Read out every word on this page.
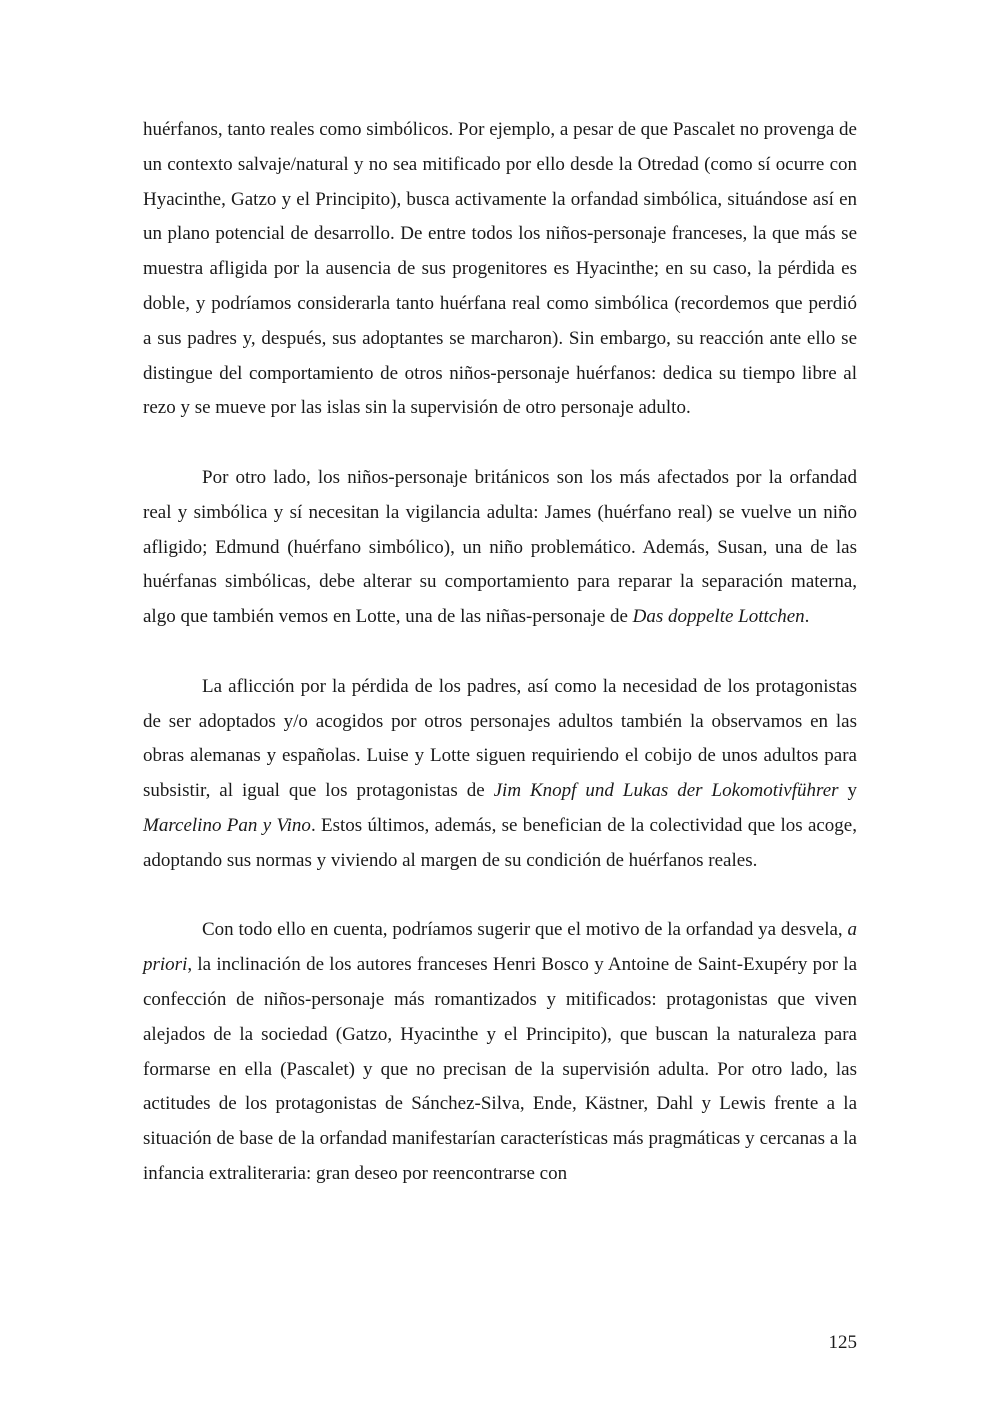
huérfanos, tanto reales como simbólicos. Por ejemplo, a pesar de que Pascalet no provenga de un contexto salvaje/natural y no sea mitificado por ello desde la Otredad (como sí ocurre con Hyacinthe, Gatzo y el Principito), busca activamente la orfandad simbólica, situándose así en un plano potencial de desarrollo. De entre todos los niños-personaje franceses, la que más se muestra afligida por la ausencia de sus progenitores es Hyacinthe; en su caso, la pérdida es doble, y podríamos considerarla tanto huérfana real como simbólica (recordemos que perdió a sus padres y, después, sus adoptantes se marcharon). Sin embargo, su reacción ante ello se distingue del comportamiento de otros niños-personaje huérfanos: dedica su tiempo libre al rezo y se mueve por las islas sin la supervisión de otro personaje adulto.

Por otro lado, los niños-personaje británicos son los más afectados por la orfandad real y simbólica y sí necesitan la vigilancia adulta: James (huérfano real) se vuelve un niño afligido; Edmund (huérfano simbólico), un niño problemático. Además, Susan, una de las huérfanas simbólicas, debe alterar su comportamiento para reparar la separación materna, algo que también vemos en Lotte, una de las niñas-personaje de Das doppelte Lottchen.

La aflicción por la pérdida de los padres, así como la necesidad de los protagonistas de ser adoptados y/o acogidos por otros personajes adultos también la observamos en las obras alemanas y españolas. Luise y Lotte siguen requiriendo el cobijo de unos adultos para subsistir, al igual que los protagonistas de Jim Knopf und Lukas der Lokomotivführer y Marcelino Pan y Vino. Estos últimos, además, se benefician de la colectividad que los acoge, adoptando sus normas y viviendo al margen de su condición de huérfanos reales.

Con todo ello en cuenta, podríamos sugerir que el motivo de la orfandad ya desvela, a priori, la inclinación de los autores franceses Henri Bosco y Antoine de Saint-Exupéry por la confección de niños-personaje más romantizados y mitificados: protagonistas que viven alejados de la sociedad (Gatzo, Hyacinthe y el Principito), que buscan la naturaleza para formarse en ella (Pascalet) y que no precisan de la supervisión adulta. Por otro lado, las actitudes de los protagonistas de Sánchez-Silva, Ende, Kästner, Dahl y Lewis frente a la situación de base de la orfandad manifestarían características más pragmáticas y cercanas a la infancia extraliteraria: gran deseo por reencontrarse con

125
